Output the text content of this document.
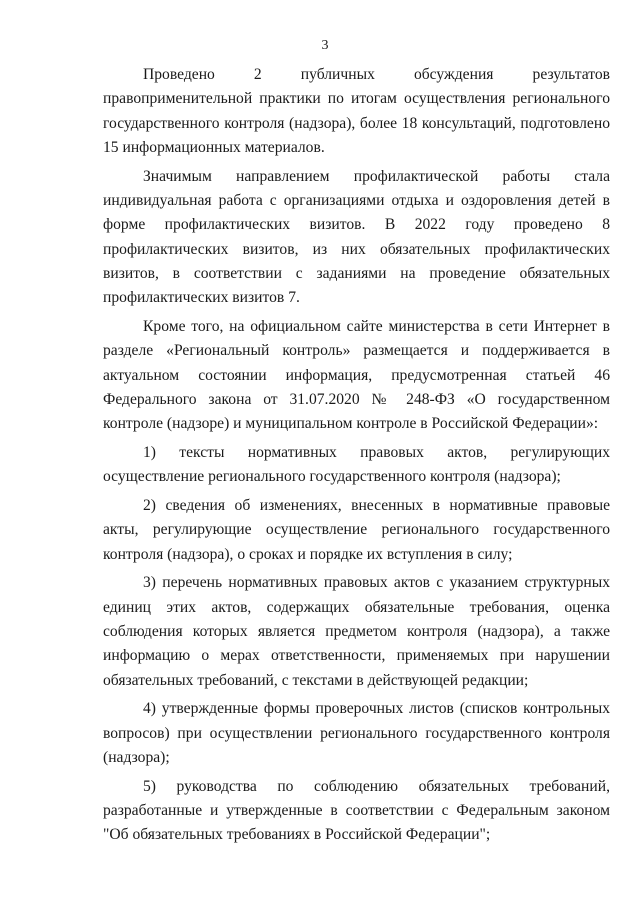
3

Проведено 2 публичных обсуждения результатов правоприменительной практики по итогам осуществления регионального государственного контроля (надзора), более 18 консультаций, подготовлено 15 информационных материалов.

Значимым направлением профилактической работы стала индивидуальная работа с организациями отдыха и оздоровления детей в форме профилактических визитов. В 2022 году проведено 8 профилактических визитов, из них обязательных профилактических визитов, в соответствии с заданиями на проведение обязательных профилактических визитов 7.

Кроме того, на официальном сайте министерства в сети Интернет в разделе «Региональный контроль» размещается и поддерживается в актуальном состоянии информация, предусмотренная статьей 46 Федерального закона от 31.07.2020 № 248-ФЗ «О государственном контроле (надзоре) и муниципальном контроле в Российской Федерации»:

1) тексты нормативных правовых актов, регулирующих осуществление регионального государственного контроля (надзора);

2) сведения об изменениях, внесенных в нормативные правовые акты, регулирующие осуществление регионального государственного контроля (надзора), о сроках и порядке их вступления в силу;

3) перечень нормативных правовых актов с указанием структурных единиц этих актов, содержащих обязательные требования, оценка соблюдения которых является предметом контроля (надзора), а также информацию о мерах ответственности, применяемых при нарушении обязательных требований, с текстами в действующей редакции;

4) утвержденные формы проверочных листов (списков контрольных вопросов) при осуществлении регионального государственного контроля (надзора);

5) руководства по соблюдению обязательных требований, разработанные и утвержденные в соответствии с Федеральным законом "Об обязательных требованиях в Российской Федерации";
